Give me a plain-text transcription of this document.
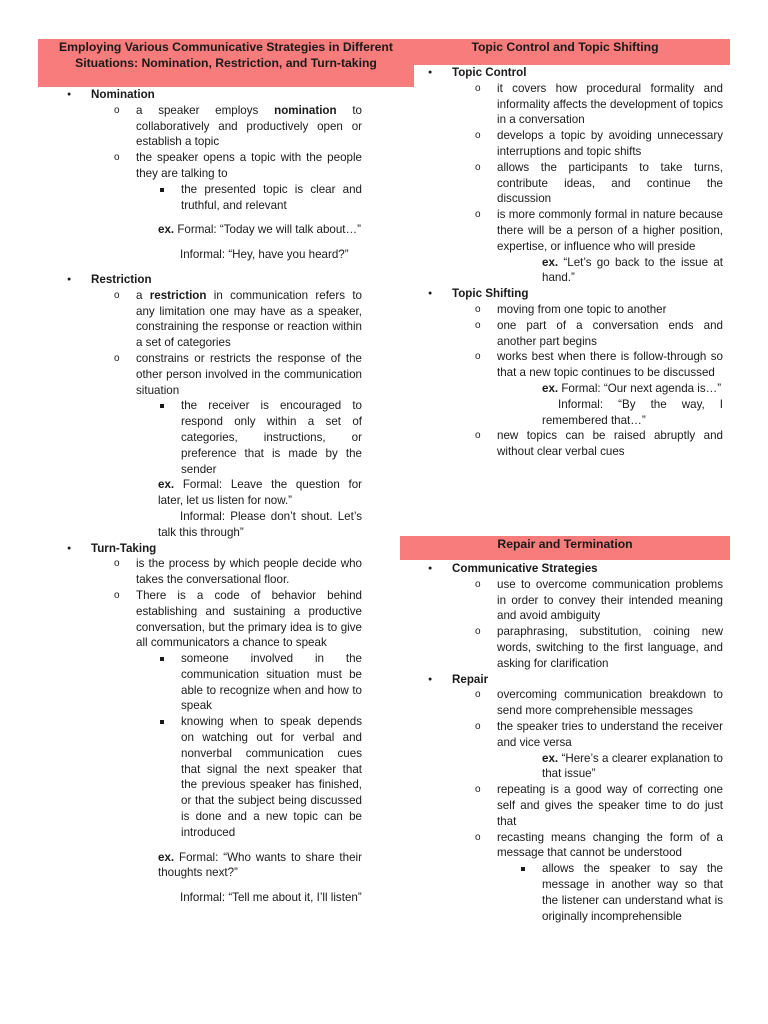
Employing Various Communicative Strategies in Different Situations: Nomination, Restriction, and Turn-taking
Topic Control and Topic Shifting
Repair and Termination
● Nomination
o a speaker employs nomination to collaboratively and productively open or establish a topic
o the speaker opens a topic with the people they are talking to
the presented topic is clear and truthful, and relevant
ex. Formal: “Today we will talk about…”
Informal: “Hey, have you heard?”
● Restriction
o a restriction in communication refers to any limitation one may have as a speaker, constraining the response or reaction within a set of categories
o constrains or restricts the response of the other person involved in the communication situation
the receiver is encouraged to respond only within a set of categories, instructions, or preference that is made by the sender
ex. Formal: Leave the question for later, let us listen for now.”
Informal: Please don’t shout. Let’s talk this through”
● Turn-Taking
o is the process by which people decide who takes the conversational floor.
o There is a code of behavior behind establishing and sustaining a productive conversation, but the primary idea is to give all communicators a chance to speak
someone involved in the communication situation must be able to recognize when and how to speak
knowing when to speak depends on watching out for verbal and nonverbal communication cues that signal the next speaker that the previous speaker has finished, or that the subject being discussed is done and a new topic can be introduced
ex. Formal: “Who wants to share their thoughts next?”
Informal: “Tell me about it, I’ll listen”
● Topic Control
o it covers how procedural formality and informality affects the development of topics in a conversation
o develops a topic by avoiding unnecessary interruptions and topic shifts
o allows the participants to take turns, contribute ideas, and continue the discussion
o is more commonly formal in nature because there will be a person of a higher position, expertise, or influence who will preside
ex. “Let’s go back to the issue at hand.”
● Topic Shifting
o moving from one topic to another
o one part of a conversation ends and another part begins
o works best when there is follow-through so that a new topic continues to be discussed
ex. Formal: “Our next agenda is…”
Informal: “By the way, I remembered that…”
o new topics can be raised abruptly and without clear verbal cues
● Communicative Strategies
o use to overcome communication problems in order to convey their intended meaning and avoid ambiguity
o paraphrasing, substitution, coining new words, switching to the first language, and asking for clarification
● Repair
o overcoming communication breakdown to send more comprehensible messages
o the speaker tries to understand the receiver and vice versa
ex. “Here’s a clearer explanation to that issue”
o repeating is a good way of correcting one self and gives the speaker time to do just that
o recasting means changing the form of a message that cannot be understood
allows the speaker to say the message in another way so that the listener can understand what is originally incomprehensible
